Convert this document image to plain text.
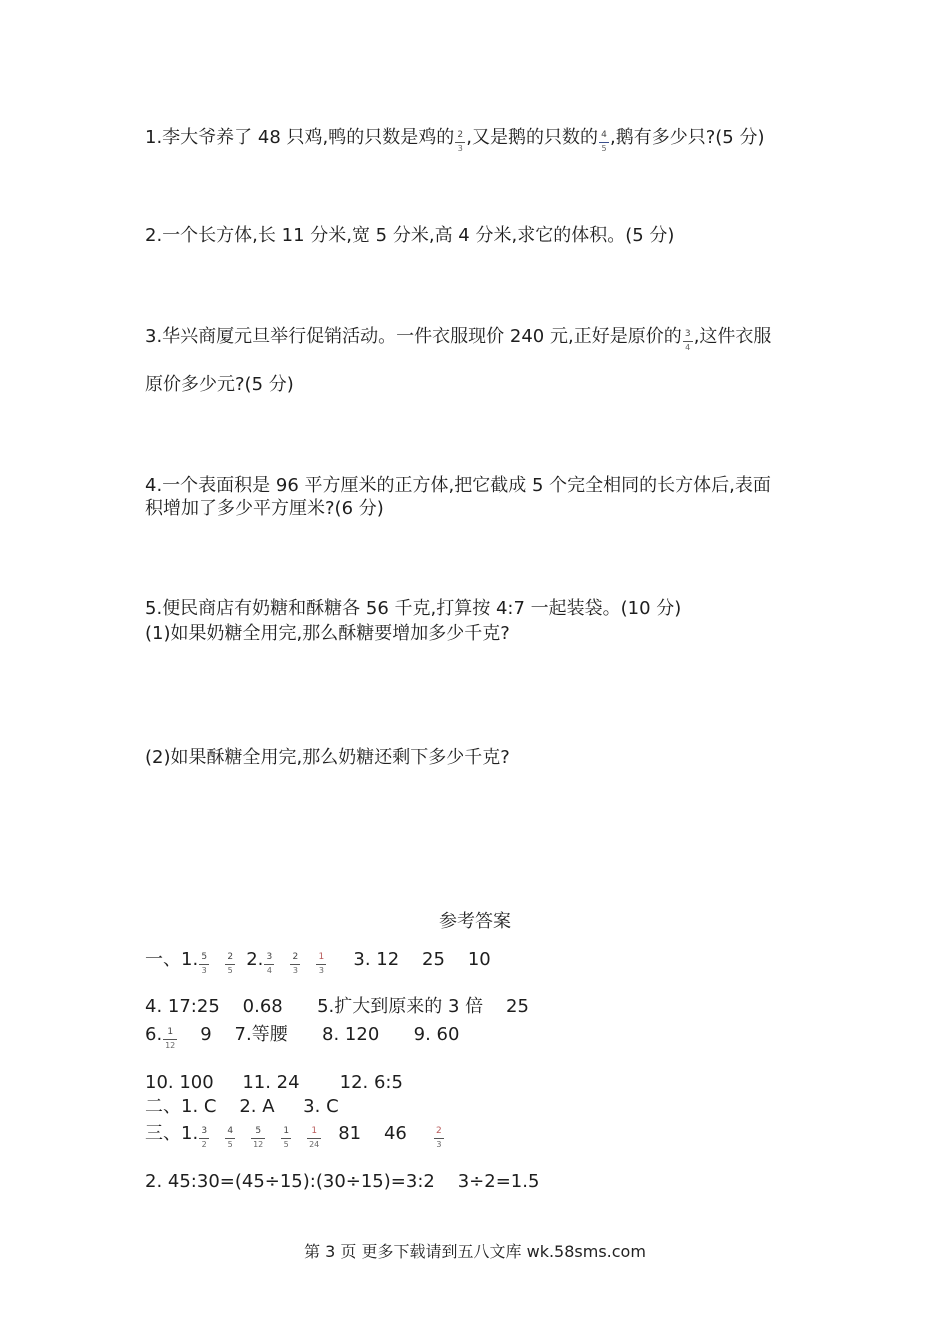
1.李大爷养了 48 只鸡,鸭的只数是鸡的 $\frac{2}{3}$ ,又是鹅的只数的 $\frac{4}{5}$ ,鹅有多少只?(5 分)
2.一个长方体,长 11 分米,宽 5 分米,高 4 分米,求它的体积。(5 分)
3.华兴商厦元旦举行促销活动。一件衣服现价 240 元,正好是原价的 $\frac{3}{4}$ ,这件衣服
原价多少元?(5 分)
4.一个表面积是 96 平方厘米的正方体,把它截成 5 个完全相同的长方体后,表面
积增加了多少平方厘米?(6 分)
5.便民商店有奶糖和酥糖各 56 千克,打算按 4:7 一起装袋。(10 分)
(1)如果奶糖全用完,那么酥糖要增加多少千克?
(2)如果酥糖全用完,那么奶糖还剩下多少千克?
参考答案
一、1. $\frac{5}{3} \frac{2}{5} 2$. $\frac{3}{4} \frac{2}{3} \frac{1}{3} 3$. 12    25    10
4. 17:25    0.68      5.扩大到原来的 3 倍    25
6. $\frac{1}{12} 9$    7.等腰      8. 120      9. 60
10. 100     11. 24       12. 6:5
二、1. C    2. A     3. C
三、1. $\frac{3}{2} \frac{4}{5} \frac{5}{12} \frac{1}{5} \frac{1}{24} 81$    46	$\frac{2}{3}$
2. 45:30=(45÷15):(30÷15)=3:2    3÷2=1.5
第 3 页 更多下载请到五八文库 wk.58sms.com
